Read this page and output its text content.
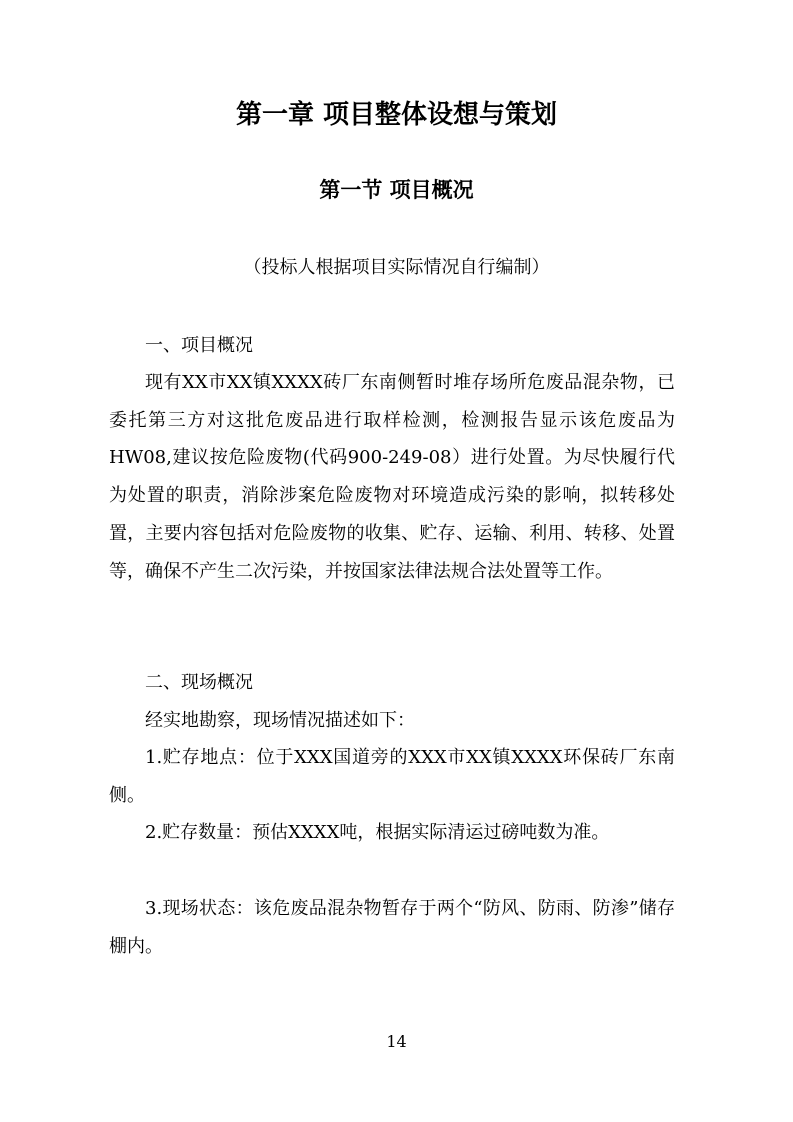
第一章 项目整体设想与策划
第一节 项目概况
（投标人根据项目实际情况自行编制）

一、项目概况

现有XX市XX镇XXXX砖厂东南侧暂时堆存场所危废品混杂物，已委托第三方对这批危废品进行取样检测，检测报告显示该危废品为HW08,建议按危险废物(代码900-249-08）进行处置。为尽快履行代为处置的职责，消除涉案危险废物对环境造成污染的影响，拟转移处置，主要内容包括对危险废物的收集、贮存、运输、利用、转移、处置等，确保不产生二次污染，并按国家法律法规合法处置等工作。

二、现场概况

经实地勘察，现场情况描述如下：

1.贮存地点：位于XXX国道旁的XXX市XX镇XXXX环保砖厂东南侧。

2.贮存数量：预估XXXX吨，根据实际清运过磅吨数为准。

3.现场状态：该危废品混杂物暂存于两个“防风、防雨、防渗”储存棚内。

14
